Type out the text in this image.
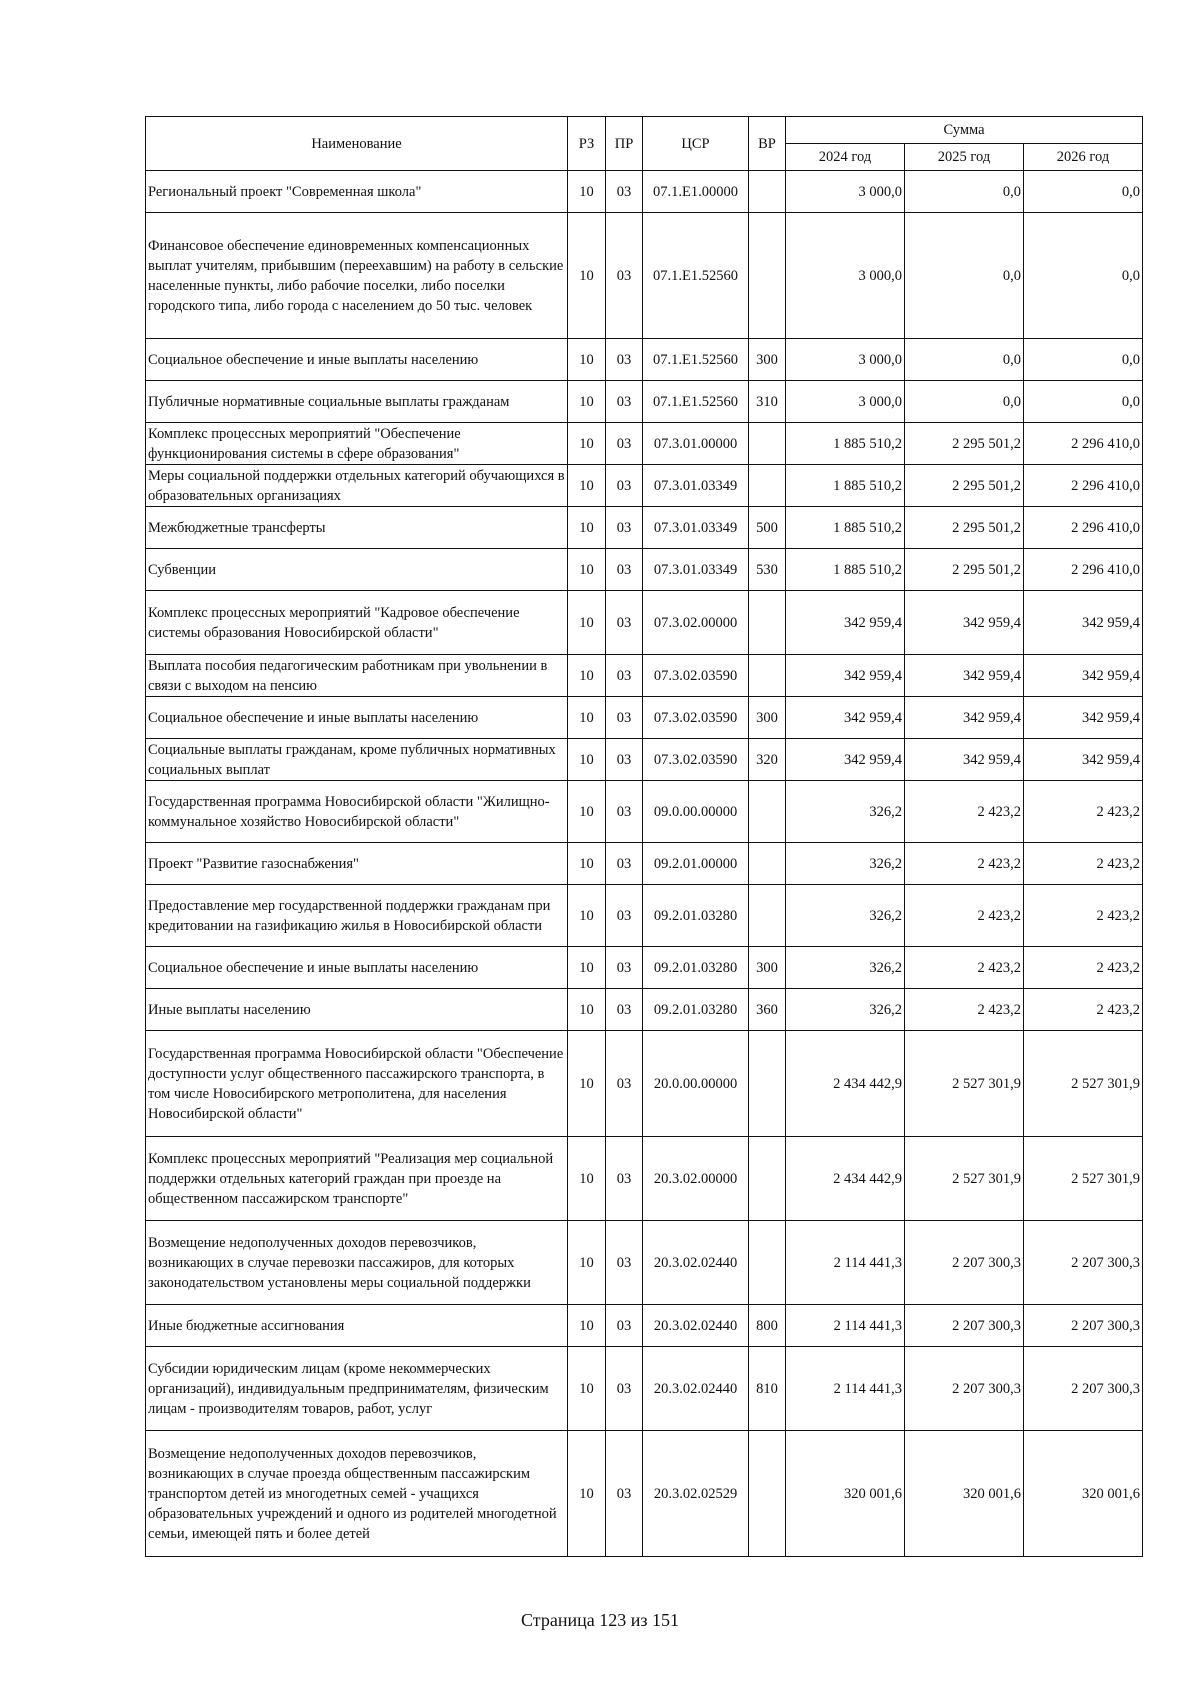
Наименование	РЗ	ПР	ЦСР	ВР	Сумма		
					2024 год	2025 год	2026 год
Региональный проект "Современная школа"	10	03	07.1.Е1.00000		3 000,0	0,0	0,0
Финансовое обеспечение единовременных компенсационных выплат учителям, прибывшим (переехавшим) на работу в сельские населенные пункты, либо рабочие поселки, либо поселки городского типа, либо города с населением до 50 тыс. человек	10	03	07.1.Е1.52560		3 000,0	0,0	0,0
Социальное обеспечение и иные выплаты населению	10	03	07.1.Е1.52560	300	3 000,0	0,0	0,0
Публичные нормативные социальные выплаты гражданам	10	03	07.1.Е1.52560	310	3 000,0	0,0	0,0
Комплекс процессных мероприятий "Обеспечение функционирования системы в сфере образования"	10	03	07.3.01.00000		1 885 510,2	2 295 501,2	2 296 410,0
Меры социальной поддержки отдельных категорий обучающихся в образовательных организациях	10	03	07.3.01.03349		1 885 510,2	2 295 501,2	2 296 410,0
Межбюджетные трансферты	10	03	07.3.01.03349	500	1 885 510,2	2 295 501,2	2 296 410,0
Субвенции	10	03	07.3.01.03349	530	1 885 510,2	2 295 501,2	2 296 410,0
Комплекс процессных мероприятий "Кадровое обеспечение системы образования Новосибирской области"	10	03	07.3.02.00000		342 959,4	342 959,4	342 959,4
Выплата пособия педагогическим работникам при увольнении в связи с выходом на пенсию	10	03	07.3.02.03590		342 959,4	342 959,4	342 959,4
Социальное обеспечение и иные выплаты населению	10	03	07.3.02.03590	300	342 959,4	342 959,4	342 959,4
Социальные выплаты гражданам, кроме публичных нормативных социальных выплат	10	03	07.3.02.03590	320	342 959,4	342 959,4	342 959,4
Государственная программа Новосибирской области "Жилищно-коммунальное хозяйство Новосибирской области"	10	03	09.0.00.00000		326,2	2 423,2	2 423,2
Проект "Развитие газоснабжения"	10	03	09.2.01.00000		326,2	2 423,2	2 423,2
Предоставление мер государственной поддержки гражданам при кредитовании на газификацию жилья в Новосибирской области	10	03	09.2.01.03280		326,2	2 423,2	2 423,2
Социальное обеспечение и иные выплаты населению	10	03	09.2.01.03280	300	326,2	2 423,2	2 423,2
Иные выплаты населению	10	03	09.2.01.03280	360	326,2	2 423,2	2 423,2
Государственная программа Новосибирской области "Обеспечение доступности услуг общественного пассажирского транспорта, в том числе Новосибирского метрополитена, для населения Новосибирской области"	10	03	20.0.00.00000		2 434 442,9	2 527 301,9	2 527 301,9
Комплекс процессных мероприятий "Реализация мер социальной поддержки отдельных категорий граждан при проезде на общественном пассажирском транспорте"	10	03	20.3.02.00000		2 434 442,9	2 527 301,9	2 527 301,9
Возмещение недополученных доходов перевозчиков, возникающих в случае перевозки пассажиров, для которых законодательством установлены меры социальной поддержки	10	03	20.3.02.02440		2 114 441,3	2 207 300,3	2 207 300,3
Иные бюджетные ассигнования	10	03	20.3.02.02440	800	2 114 441,3	2 207 300,3	2 207 300,3
Субсидии юридическим лицам (кроме некоммерческих организаций), индивидуальным предпринимателям, физическим лицам - производителям товаров, работ, услуг	10	03	20.3.02.02440	810	2 114 441,3	2 207 300,3	2 207 300,3
Возмещение недополученных доходов перевозчиков, возникающих в случае проезда общественным пассажирским транспортом детей из многодетных семей - учащихся образовательных учреждений и одного из родителей многодетной семьи, имеющей пять и более детей	10	03	20.3.02.02529		320 001,6	320 001,6	320 001,6
Страница 123 из 151
